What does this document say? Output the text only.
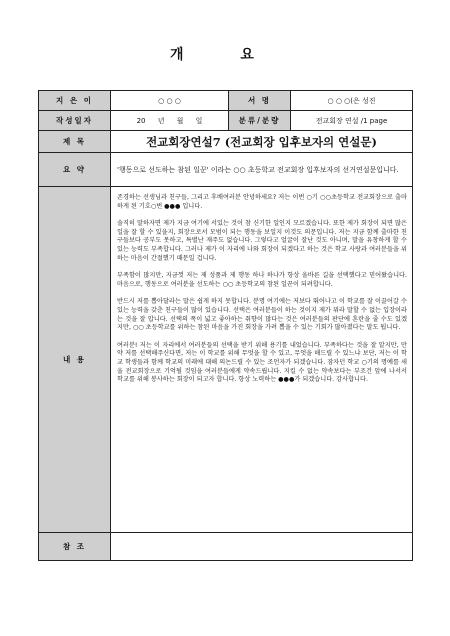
개 요
지 은 이	○ ○ ○	서 명	○ ○ ○(은 성진
작성일자	20 년 월 일	분류/분량	전교회장 연설 /1 page
제 목	전교회장연설7 (전교회장 입후보자의 연설문)		
요 약	'행동으로 선도하는 참된 일꾼' 이라는 ○○ 초등학교 전교회장 입후보자의 선거연설문입니다.		
내 용	존경하는 선생님과 친구들, 그리고 후배여러분 안녕하세요? 저는 이번 ○기 ○○초등학교 전교회장으로 출마하게 된 기호○번 ●●● 입니다.

솔직히 말하자면 제가 지금 여기에 서있는 것이 참 신기한 일인지 모르겠습니다. 또한 제가 회장이 되면 많은 일을 잘 할 수 있을지, 회장으로서 모범이 되는 행동을 보일지 이것도 의문입니다. 저는 지금 함께 출마한 친구들보다 공부도 못하고, 특별난 재주도 없습니다. 그렇다고 얼굴이 잘난 것도 아니며, 말을 유창하게 할 수 있는 능력도 부족합니다. 그러나 제가 이 자리에 나와 회장이 되겠다고 하는 것은 학교 사랑과 여러분들을 위하는 마음이 간절했기 때문일 겁니다.

부족함이 많지만, 지금껏 저는 제 성품과 제 행동 하나 하나가 항상 올바른 길을 선택했다고 믿어왔습니다. 마음으로, 행동으로 여러분을 선도하는 ○○ 초등학교의 참된 일꾼이 되려합니다.

반드시 저를 뽑아달라는 말은 쉽게 하지 못합니다. 분명 여기에는 저보다 뛰어나고 이 학교를 잘 이끌어갈 수 있는 능력을 갖춘 친구들이 많이 있습니다. 선택은 여러분들이 하는 것이지 제가 뭐라 말할 수 없는 입장이라는 것을 잘 압니다. 선택의 폭이 넓고 좋아하는 취향이 많다는 것은 여러분들의 판단에 혼란을 줄 수도 있겠지만, ○○ 초등학교를 위하는 참된 마음을 가진 회장을 가려 뽑을 수 있는 기회가 많아졌다는 말도 됩니다.

여러분! 저는 이 자리에서 여러분들의 선택을 받기 위해 용기를 내었습니다. 부족하다는 것을 잘 알지만, 만약 저를 선택해주신다면, 저는 이 학교를 위해 무엇을 할 수 있고, 무엇을 해드릴 수 있느냐 보단, 저는 이 학교 학생들과 함께 학교의 미래에 대해 의논드릴 수 있는 조언자가 되겠습니다. 잠자던 학교 ○기의 명예를 세울 전교회장으로 기억될 것임을 여러분들에게 약속드립니다. 지킬 수 없는 약속보다는 부조건 앞에 나서서 학교를 위해 봉사하는 회장이 되고자 합니다. 항상 노력하는 ●●●가 되겠습니다. 감사합니다.		

참 조			
